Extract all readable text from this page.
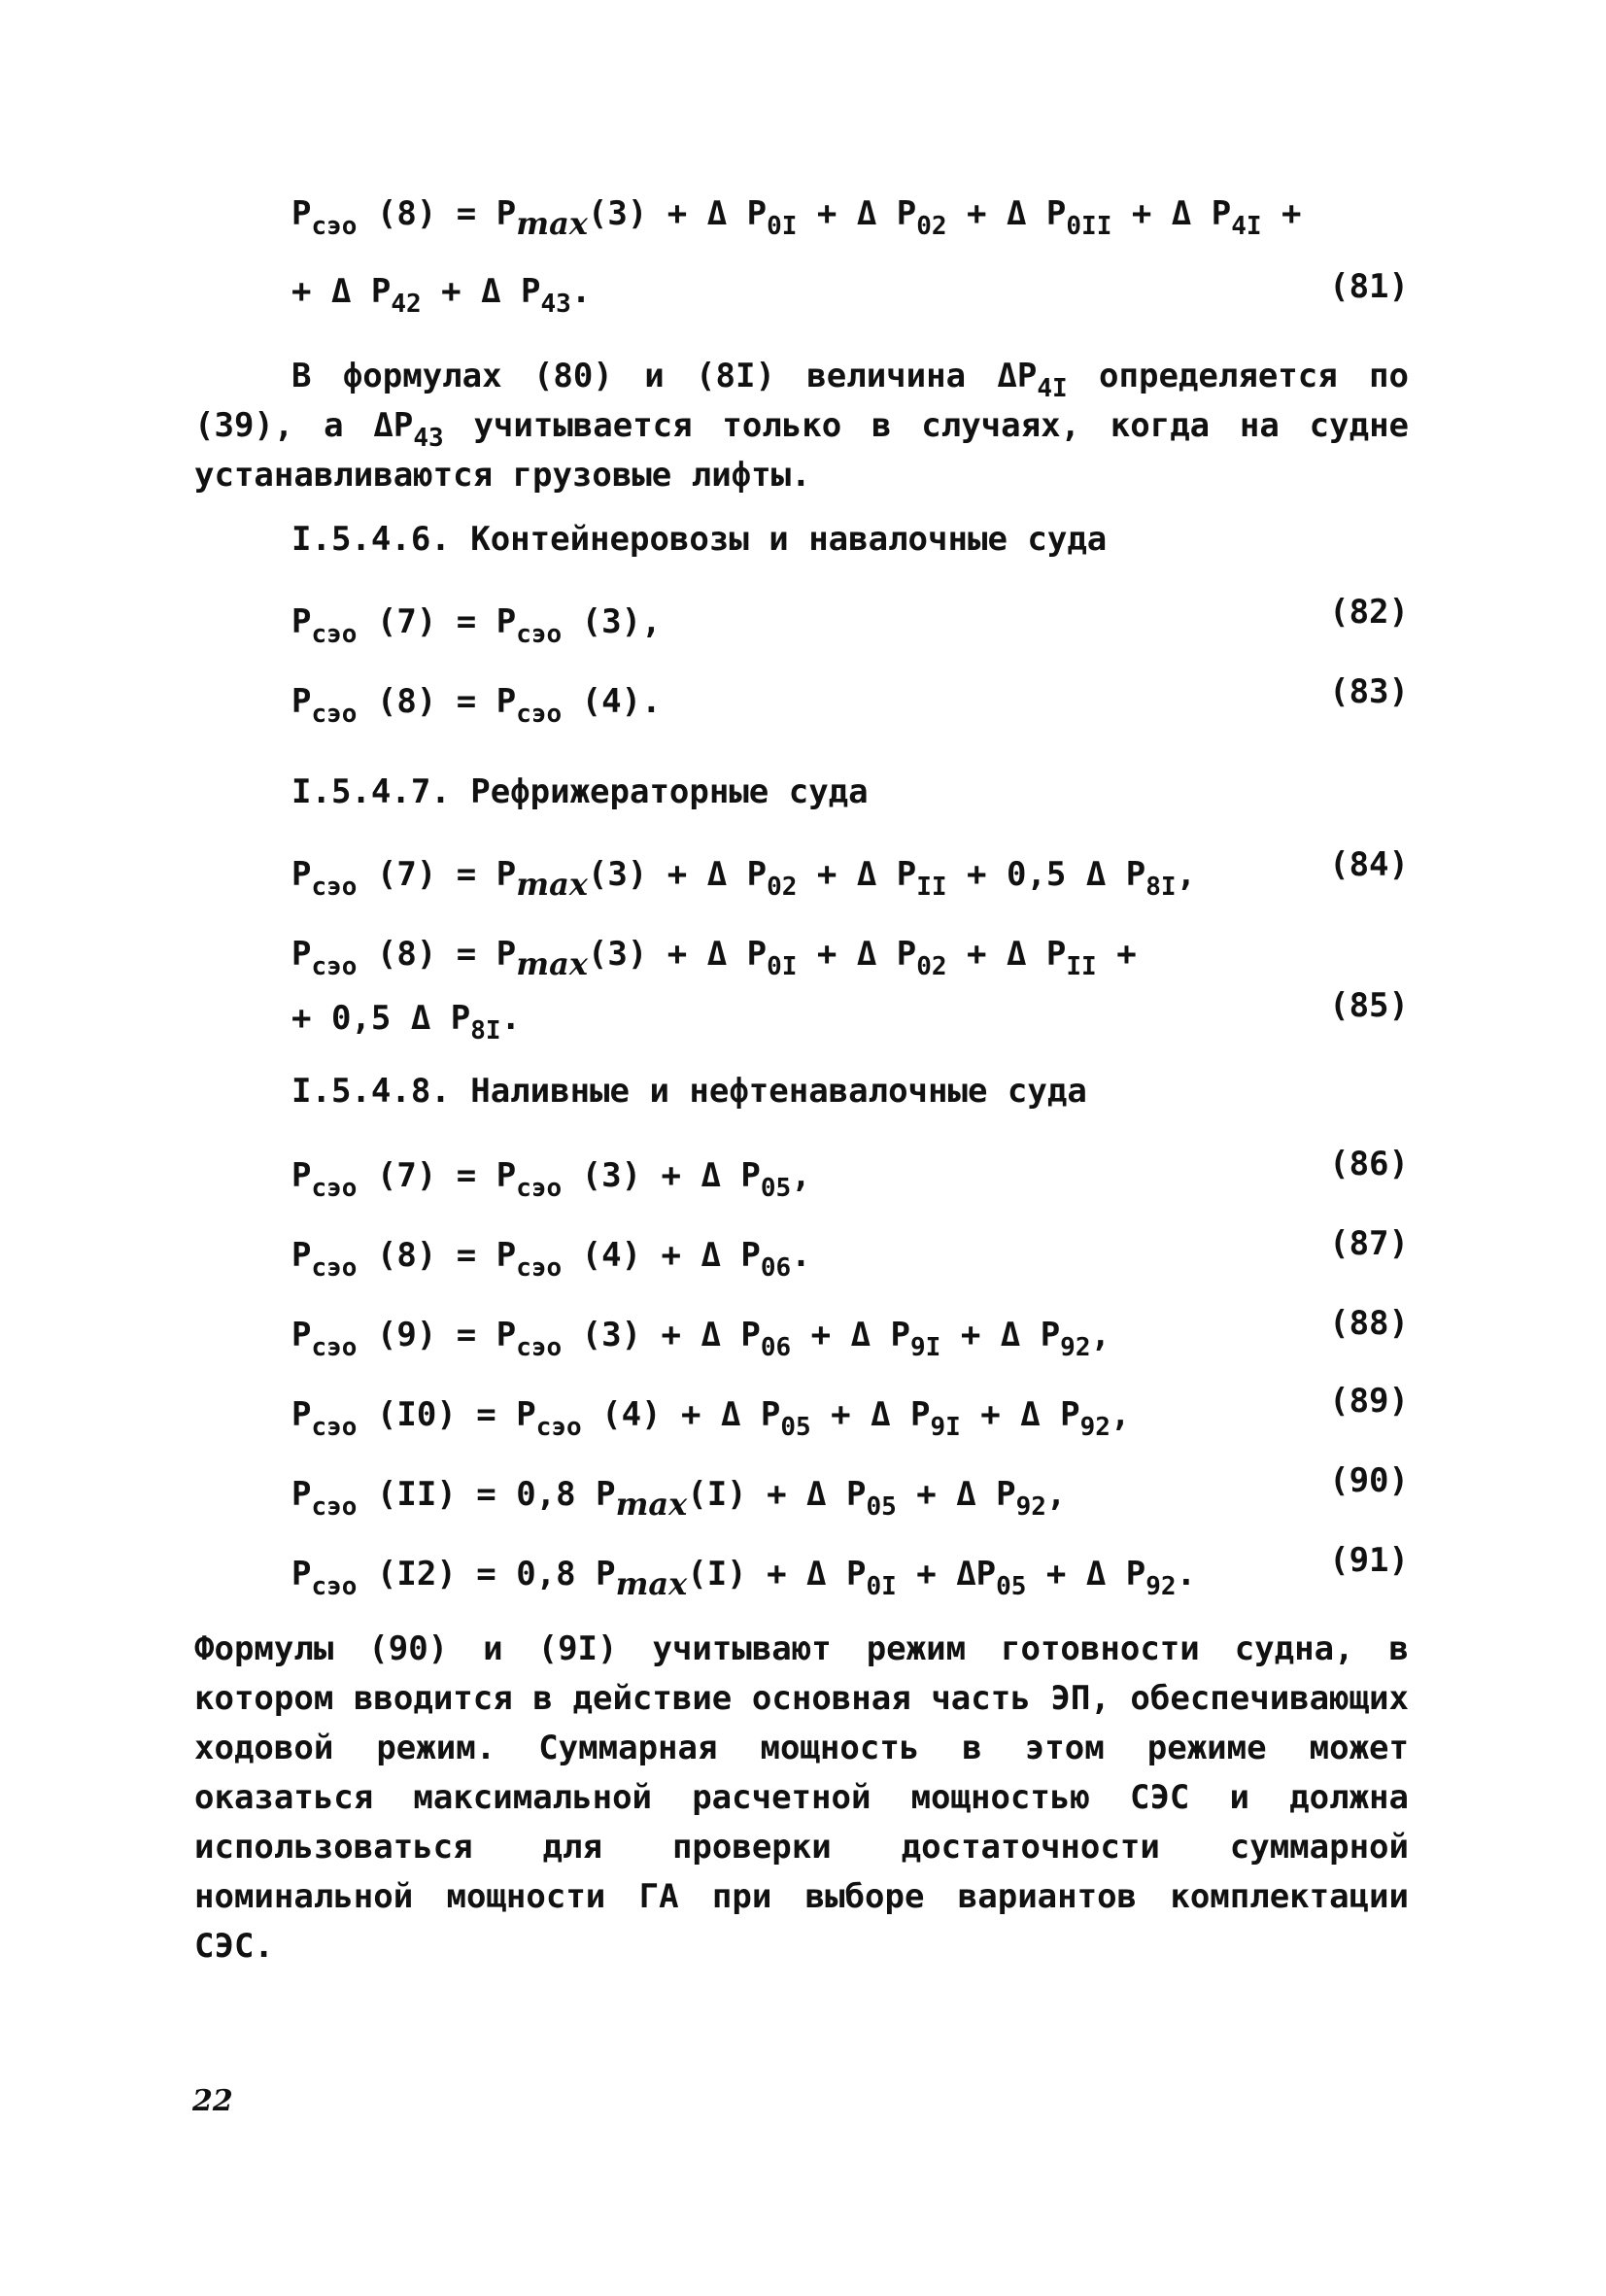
$P_{сэо}$ $(8) = P_{max}(3) + \Delta$ $P_{0I} + \Delta$ $P_{02} + \Delta$ $P_{0II} + \Delta$ $P_{4I}$ +
+ Δ $P_{42} + \Delta$ $P_{43}$.	(81)
В формулах (80) и (8I) величина $\Delta P_{4I}$ определяется по (39), а $\Delta P_{43}$ учитывается только в случаях, когда на судне устанавливаются грузовые лифты.
I.5.4.6. Контейнеровозы и навалочные суда
$P_{сэо}$ $(7) = P_{сэо}$ (3),	(82)
$P_{сэо}$ $(8) = P_{сэо}$ (4).	(83)
I.5.4.7. Рефрижераторные суда
$P_{сэо}$ $(7) = P_{max}(3) + \Delta$ $P_{02} + \Delta$ $P_{II} + 0,5$ Δ $P_{8I}$,	(84)
$P_{сэо}$ $(8) = P_{max}(3) + \Delta$ $P_{0I} + \Delta$ $P_{02} + \Delta$ $P_{II}$ +
+ 0,5 Δ $P_{8I}$.	(85)
I.5.4.8. Наливные и нефтенавалочные суда
$P_{сэо}$ $(7) = P_{сэо}$ (3) + Δ $P_{05}$,	(86)
$P_{сэо}$ $(8) = P_{сэо}$ (4) + Δ $P_{06}$.	(87)
$P_{сэо}$ $(9) = P_{сэо}$ (3) + Δ $P_{06} + \Delta$ $P_{9I} + \Delta$ $P_{92}$,	(88)
$P_{сэо}$ $(I0) = P_{сэо}$ (4) + Δ $P_{05} + \Delta$ $P_{9I} + \Delta$ $P_{92}$,	(89)
$P_{сэо}$ (II) = 0,8 $P_{max}(I) + \Delta$ $P_{05} + \Delta$ $P_{92}$,	(90)
$P_{сэо}$ (I2) = 0,8 $P_{max}(I) + \Delta$ $P_{0I} + \Delta P_{05} + \Delta$ $P_{92}$.	(91)
Формулы (90) и (9I) учитывают режим готовности судна, в котором вводится в действие основная часть ЭП, обеспечивающих ходовой режим. Суммарная мощность в этом режиме может оказаться максимальной расчетной мощностью СЭС и должна использоваться для проверки достаточности суммарной номинальной мощности ГА при выборе вариантов комплектации СЭС.
22
